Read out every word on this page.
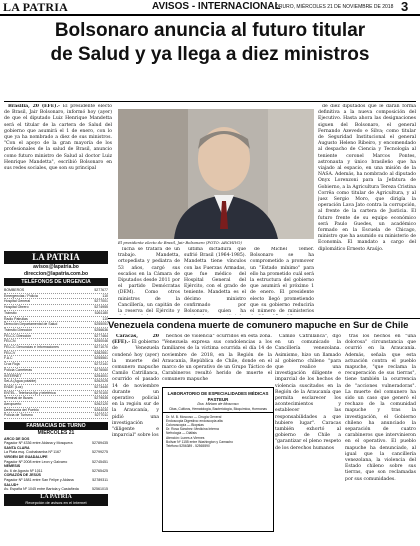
LA PATRIA	AVISOS - INTERNACIONAL
ORURO, MIÉRCOLES 21 DE NOVIEMBRE DE 2018 3
Bolsonaro anuncia al futuro titular
de Salud y ya llega a diez ministros

Brasilia, 20 (EFE).- El presidente electo de Brasil, Jair Bolsonaro, informó hoy (ayer) de que el diputado Luiz Henrique Mandetta será el titular de la cartera de Salud del gobierno que asumirá el 1 de enero, con lo que ya ha nombrado a diez de sus ministros. "Con el apoyo de la gran mayoría de los profesionales de la salud de Brasil, anuncio como futuro ministro de Salud al doctor Luiz Henrique Mandetta", escribió Bolsonaro en sus redes sociales, que son su principal

El presidente electo de Brasil, Jair Bolsonaro (FOTO: ARCHIVO)

de diez diputados que le darán forma definitiva a la nueva composición del Ejecutivo. Hasta ahora las designaciones siguen del Bolsonaro, el general Fernando Azevedo e Silva; como titular de Seguridad Institucional el general Augusto Heleno Ribeiro, y encomendado al despacho de Ciencia y Tecnología al teniente coronel Marcos Pontes, astronauta y único brasileño que ha viajado al espacio, en una misión de la NASA. Además, ha nombrado al diputado Onyx Lorenzoni para la Jefatura de Gobierno, a la Agricultura Tereza Cristina Corrêa como titular de Agricultura, y al juez Sergio Moro, que dirigía la operación Lava Jato contra la corrupción, al frente de la cartera de Justicia. El futuro frente de su equipo económico será Paulo Guedes, un académico formado en la Escuela de Chicago, ministro que ha asumido su ministerio de Economía. El mandato a cargo del diplomático Ernesto Araújo.

lucha se tratará de un trabajo. Mandetta, ortopedista y pediatra de 53 años, cargó sus escaños en la Cámara de Diputados desde 2011 por el partido Demócratas (DEM). Como otros ministros de la Cancillería, un capitán de la reserva del Ejército y

última dictadura que sufrió Brasil (1964-1985). Mandetta tiene vínculos con las Fuerzas Armadas, que fue médico del Hospital General del Ejército, con el grado de teniente. Mandetta es el décimo ministro confirmado por Bolsonaro, quien ha

de Michel Temer. Bolsonaro se ha comprometido a promover un "Estado mínimo" para ello ha prometido cuál será la estructura del gobierno que asumirá el próximo 1 de enero. El presidente electo llegó prometiendo que su gobierno reduciría el número de ministerios

LA PATRIA
avisos@lapatria.bo
direccion@lapatria.com.bo
TELÉFONOS DE URGENCIA
BOMBEROS	5277677
Emergencias / Policía	110
Hospital General	5277001
Hospital Obrero	5274955
Tránsito	5261180
Radio Patrullas	110
Dirección Departamental de Salud	5255051
Tránsito Dirección	5256636
FELCC Dirección	5277464
FELCN	5250046
FELCC Denuncias e Informaciones	5271070
FELCV	5282551
F.A.C	5255561
Cruz Roja	5272141
Policía Carreteras	5276060
INTERNET	5254001
SeLA (Agua potable)	5262025
ENDE (Luz)	5273440
ENTEL - Telefonía fija y teleférica	5270100
Terminal de Buses	5279535
Aeropuerto	5262120
Defensoría del Pueblo	5264030
Policía de Turismo	5277011
FARMACIAS DE TURNO
MIÉRCOLES 21
ARCO DE DOS
Pagador Nº 4336 entre Aldana y Mosquera	52789435
SANTA CLARA
La Plata esq. Cochabamba Nº 1167	52799275
VIRGEN DE GUADALUPE
Pagador Nº 2008 entre Leon y Galvarro	52745451
NEMESIS
Av. 6 de Agosto Nº 1011	52765425
CORAZÓN DE JESÚS
Pagador Nº 1881 entre San Felipe y Aldana	52789311
SALUD+
Av. España Nº 1045 entre Bartola y Castañeda	52561015
LA PATRIA
Recepción de avisos en el internet
Venezuela condena muerte de comunero mapuche en Sur de Chile

Caracas, 20 (EFE).- El gobierno de Venezuela condenó hoy (ayer) la muerte del comunero mapuche Camilo Catrillanca, ocurrido el pasado 14 de noviembre durante un operativo policial en la región sur de la Araucanía, y pidió una investigación "diligente e imparcial" sobre los

hechos de violencia" ocurridos en esta zona. "Venezuela expresa sus condolencias a los familiares de la víctima ocurrida el día 14 de noviembre de 2018, en la Región de la Araucanía, República de Chile, donde en el marco de un operativo de un Grupo Táctico de Carabineros resultó herido de muerte el comunero mapuche

Camilo Catrillanca", dijo en un comunicado la Cancillería venezolana. Asimismo, hizo un llamado al gobierno chileno "para que realice una investigación diligente e imparcial de los hechos de violencia suscitados en la Región de la Araucanía que permita esclarecer los acontecimientos y establecer las responsabilidades a que hubiere lugar". Caracas también exhortó al gobierno de Chile a "garantizar el pleno respeto de los derechos humanos

tras los hechos en "una dolorosa" circunstancia que ocurrió en la Araucanía. Además, señala que esta actuación contra el pueblo mapuche, "que reclama la recuperación de sus tierras", tiene también la ocurrencia de "acciones vulneradoras". La muerte del comunero ha sido un caso que generó el rechazo de la comunidad mapuche y tras la investigación, el Gobierno chileno ha anunciado la separación de cuatro carabineros que intervinieron en el operativo. El pueblo mapuche ha denunciado, al igual que la cancillería venezolana, la violencia del Estado chileno sobre sus tierras, que son reclamadas por sus comunidades.

LABORATORIO DE ESPECIALIDADES MÉDICAS PASTEUR
Dra. Miriam de Moscoso
Citas, Cultivos, Hematología, Bacteriología, Bioquímica, Hormonas
Dr. M. B. Moscoso — Cirugía General
Endoscopia Digestiva: endoscopia alta
Colonoscopía — Biopsias
Dr. Rosa Sánchez: Medicina Interna
Nefrología — Diálisis
Atención: Lunes a Viernes
Bolívar Nº 1155 entre Washington y Camacho
Teléfono 5256389 - 52565590
